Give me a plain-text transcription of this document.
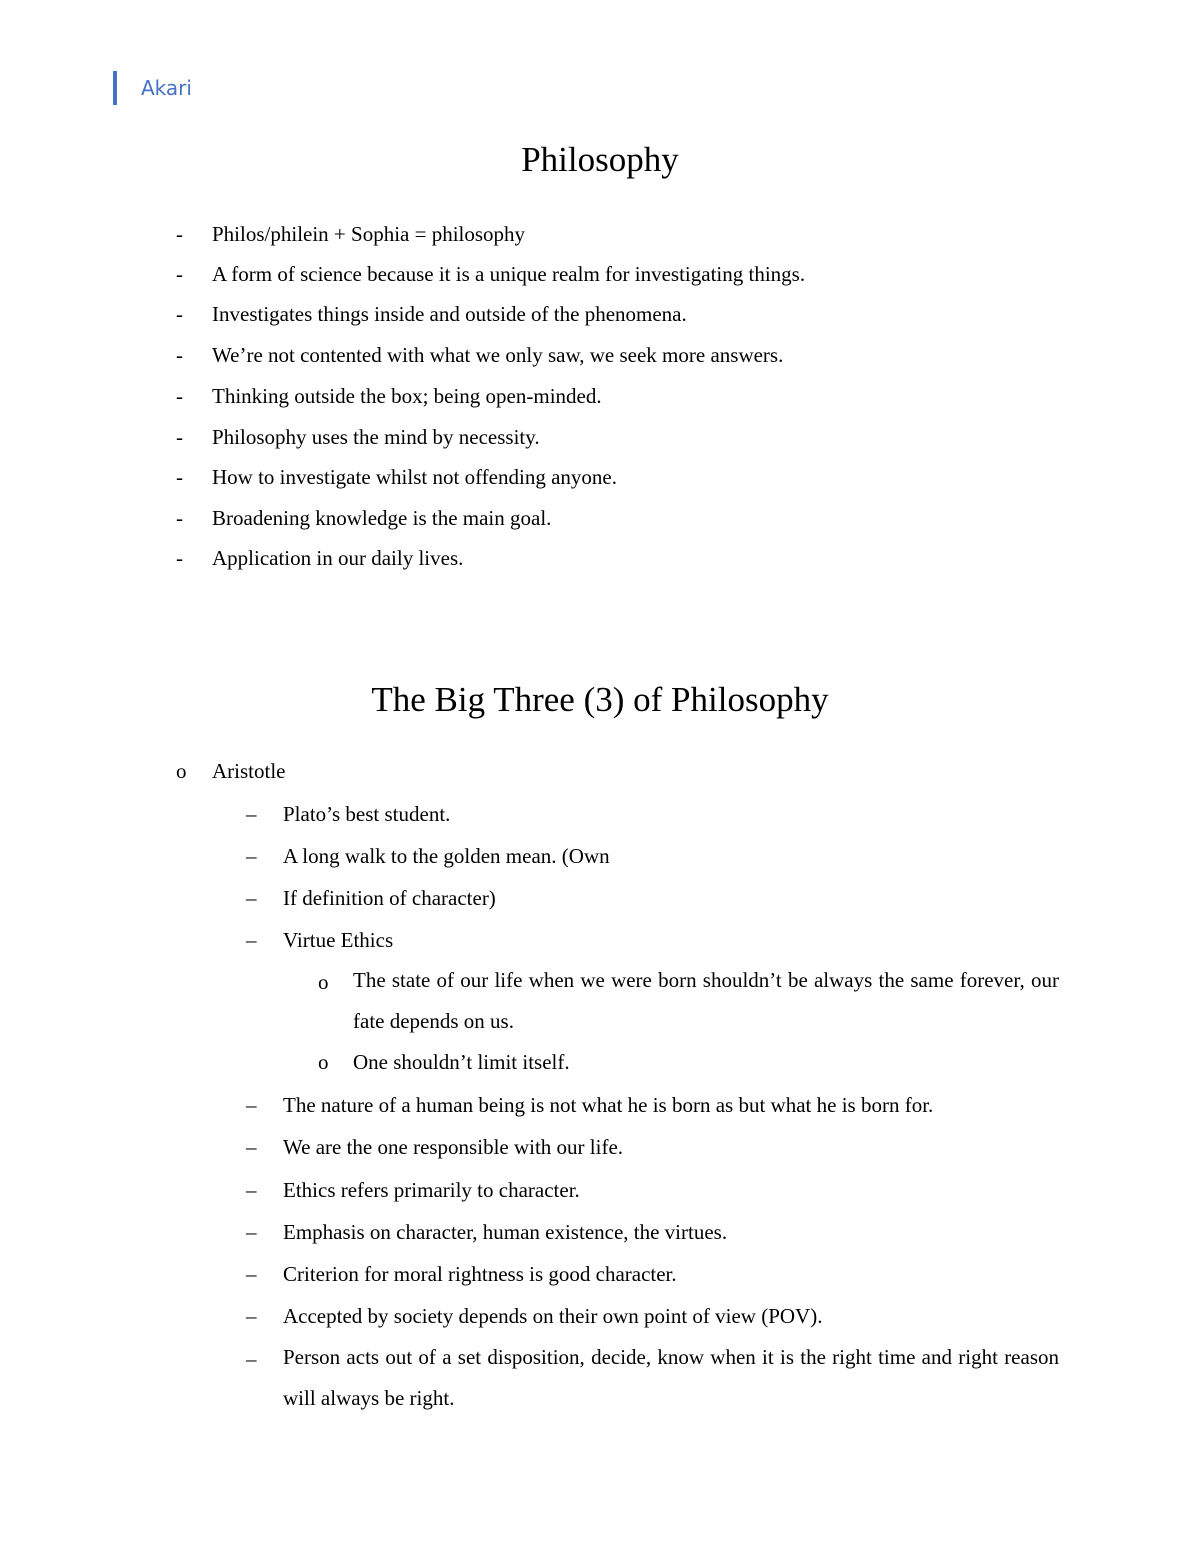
Akari
Philosophy
- Philos/philein + Sophia = philosophy
- A form of science because it is a unique realm for investigating things.
- Investigates things inside and outside of the phenomena.
- We’re not contented with what we only saw, we seek more answers.
- Thinking outside the box; being open-minded.
- Philosophy uses the mind by necessity.
- How to investigate whilst not offending anyone.
- Broadening knowledge is the main goal.
- Application in our daily lives.
The Big Three (3) of Philosophy
o Aristotle
– Plato’s best student.
– A long walk to the golden mean. (Own
– If definition of character)
– Virtue Ethics
o The state of our life when we were born shouldn’t be always the same forever, our fate depends on us.
o One shouldn’t limit itself.
– The nature of a human being is not what he is born as but what he is born for.
– We are the one responsible with our life.
– Ethics refers primarily to character.
– Emphasis on character, human existence, the virtues.
– Criterion for moral rightness is good character.
– Accepted by society depends on their own point of view (POV).
– Person acts out of a set disposition, decide, know when it is the right time and right reason will always be right.
